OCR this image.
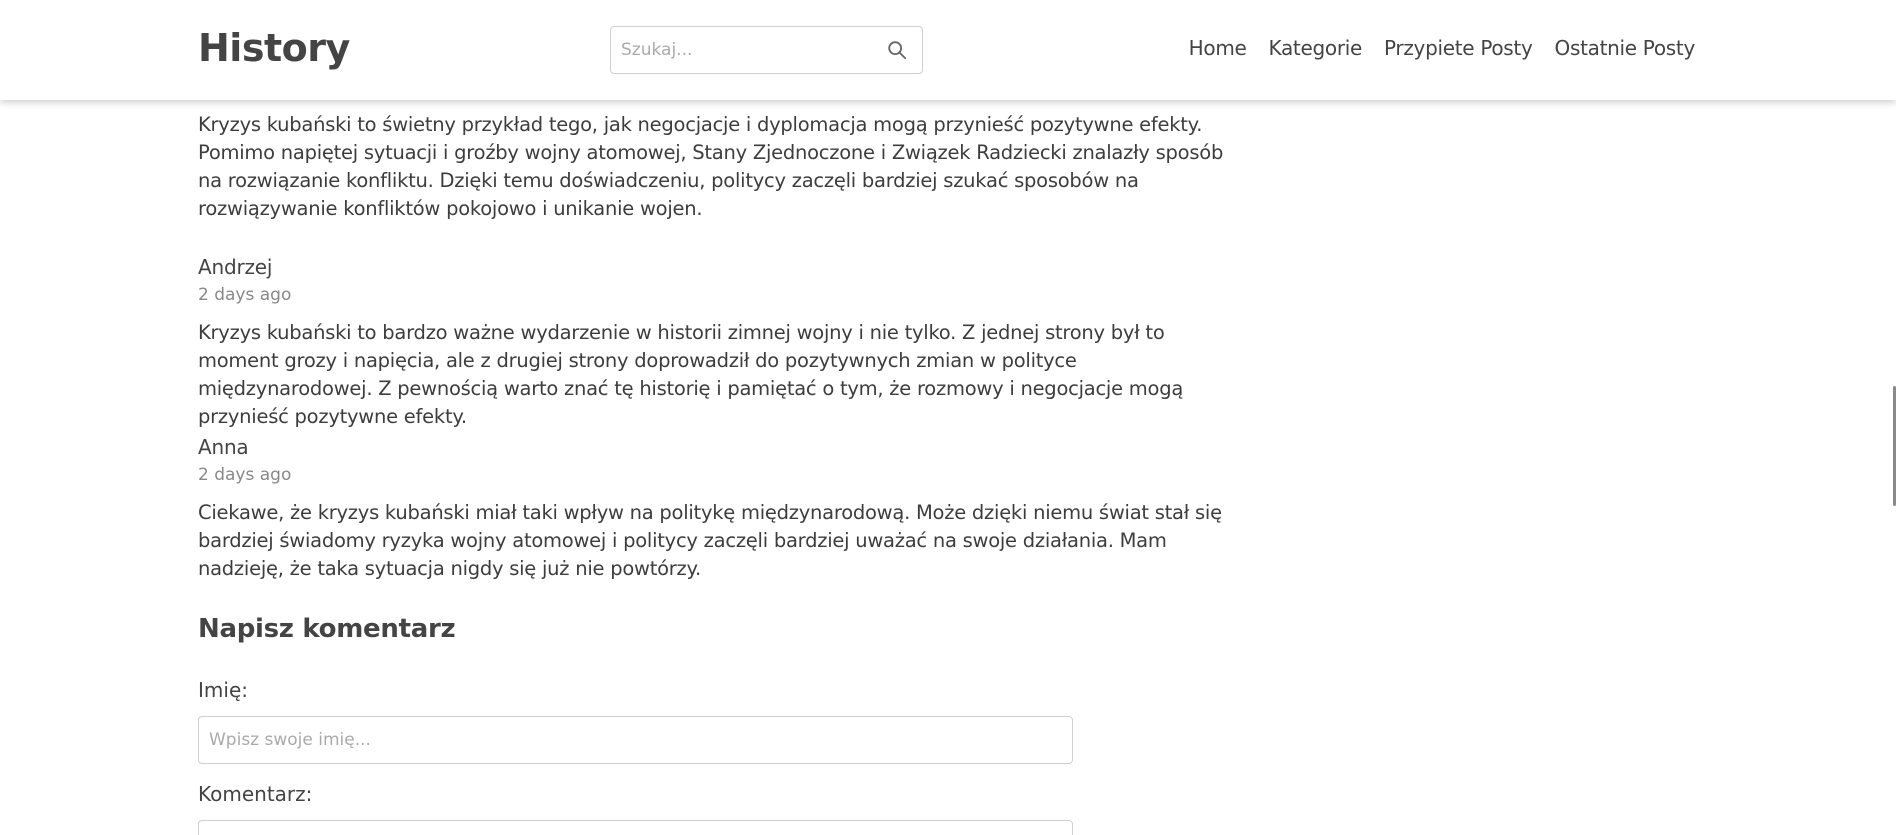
History
Szukaj...	Home Kategorie Przypiete Posty Ostatnie Posty

Kryzys kubański to świetny przykład tego, jak negocjacje i dyplomacja mogą przynieść pozytywne efekty. Pomimo napiętej sytuacji i groźby wojny atomowej, Stany Zjednoczone i Związek Radziecki znalazły sposób na rozwiązanie konfliktu. Dzięki temu doświadczeniu, politycy zaczęli bardziej szukać sposobów na rozwiązywanie konfliktów pokojowo i unikanie wojen.

Andrzej
2 days ago

Kryzys kubański to bardzo ważne wydarzenie w historii zimnej wojny i nie tylko. Z jednej strony był to moment grozy i napięcia, ale z drugiej strony doprowadził do pozytywnych zmian w polityce międzynarodowej. Z pewnością warto znać tę historię i pamiętać o tym, że rozmowy i negocjacje mogą przynieść pozytywne efekty.

Anna
2 days ago

Ciekawe, że kryzys kubański miał taki wpływ na politykę międzynarodową. Może dzięki niemu świat stał się bardziej świadomy ryzyka wojny atomowej i politycy zaczęli bardziej uważać na swoje działania. Mam nadzieję, że taka sytuacja nigdy się już nie powtórzy.

Napisz komentarz
Imię:
Wpisz swoje imię...
Komentarz:
